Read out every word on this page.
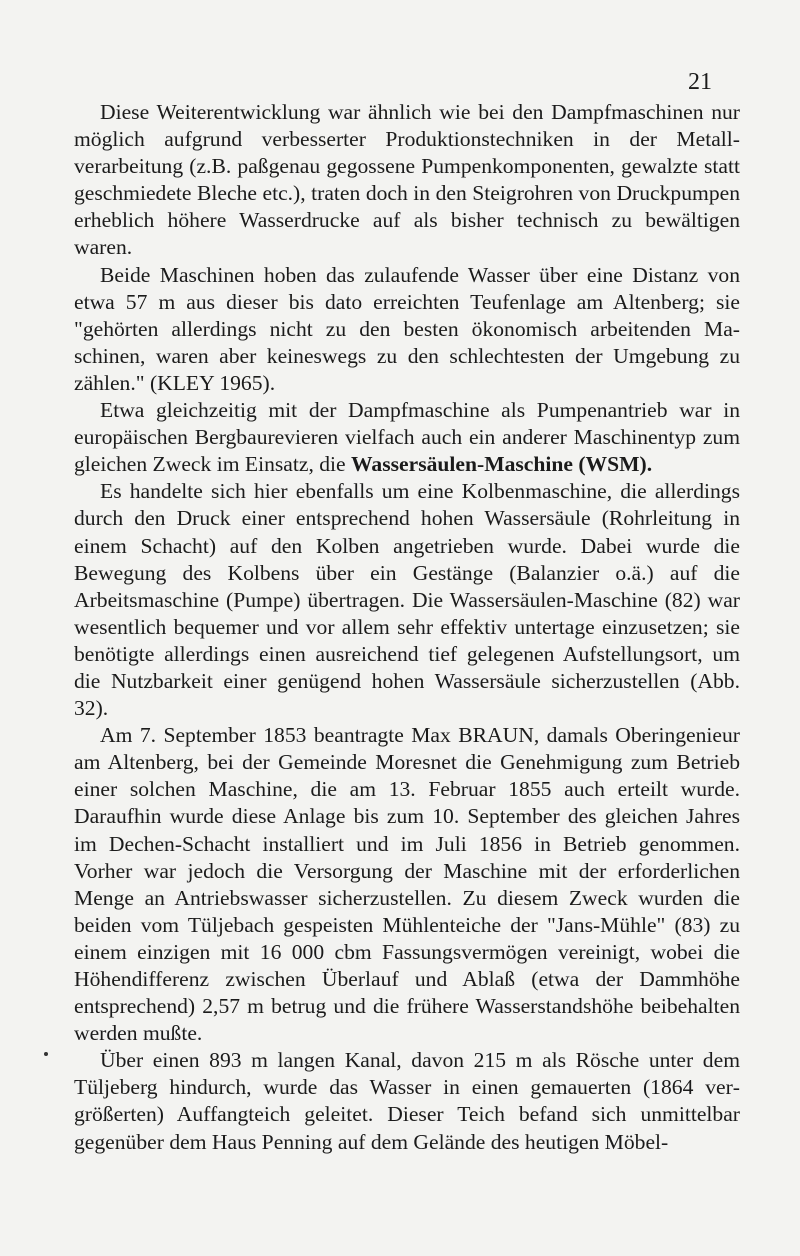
21

Diese Weiterentwicklung war ähnlich wie bei den Dampfmaschinen nur möglich aufgrund verbesserter Produktionstechniken in der Metallverarbeitung (z.B. paßgenau gegossene Pumpenkomponenten, gewalzte statt geschmiedete Bleche etc.), traten doch in den Steigrohren von Druckpumpen erheblich höhere Wasserdrucke auf als bisher technisch zu bewältigen waren.

Beide Maschinen hoben das zulaufende Wasser über eine Distanz von etwa 57 m aus dieser bis dato erreichten Teufenlage am Altenberg; sie "gehörten allerdings nicht zu den besten ökonomisch arbeitenden Maschinen, waren aber keineswegs zu den schlechtesten der Umgebung zu zählen." (KLEY 1965).

Etwa gleichzeitig mit der Dampfmaschine als Pumpenantrieb war in europäischen Bergbaurevieren vielfach auch ein anderer Maschinentyp zum gleichen Zweck im Einsatz, die Wassersäulen-Maschine (WSM).

Es handelte sich hier ebenfalls um eine Kolbenmaschine, die allerdings durch den Druck einer entsprechend hohen Wassersäule (Rohrleitung in einem Schacht) auf den Kolben angetrieben wurde. Dabei wurde die Bewegung des Kolbens über ein Gestänge (Balanzier o.ä.) auf die Arbeitsmaschine (Pumpe) übertragen. Die Wassersäulen-Maschine (82) war wesentlich bequemer und vor allem sehr effektiv untertage einzusetzen; sie benötigte allerdings einen ausreichend tief gelegenen Aufstellungsort, um die Nutzbarkeit einer genügend hohen Wassersäule sicherzustellen (Abb. 32).

Am 7. September 1853 beantragte Max BRAUN, damals Oberingenieur am Altenberg, bei der Gemeinde Moresnet die Genehmigung zum Betrieb einer solchen Maschine, die am 13. Februar 1855 auch erteilt wurde. Daraufhin wurde diese Anlage bis zum 10. September des gleichen Jahres im Dechen-Schacht installiert und im Juli 1856 in Betrieb genommen. Vorher war jedoch die Versorgung der Maschine mit der erforderlichen Menge an Antriebswasser sicherzustellen. Zu diesem Zweck wurden die beiden vom Tüljebach gespeisten Mühlenteiche der "Jans-Mühle" (83) zu einem einzigen mit 16 000 cbm Fassungsvermögen vereinigt, wobei die Höhendifferenz zwischen Überlauf und Ablaß (etwa der Dammhöhe entsprechend) 2,57 m betrug und die frühere Wasserstandshöhe beibehalten werden mußte.

Über einen 893 m langen Kanal, davon 215 m als Rösche unter dem Tüljeberg hindurch, wurde das Wasser in einen gemauerten (1864 vergrößerten) Auffangteich geleitet. Dieser Teich befand sich unmittelbar gegenüber dem Haus Penning auf dem Gelände des heutigen Möbel-
